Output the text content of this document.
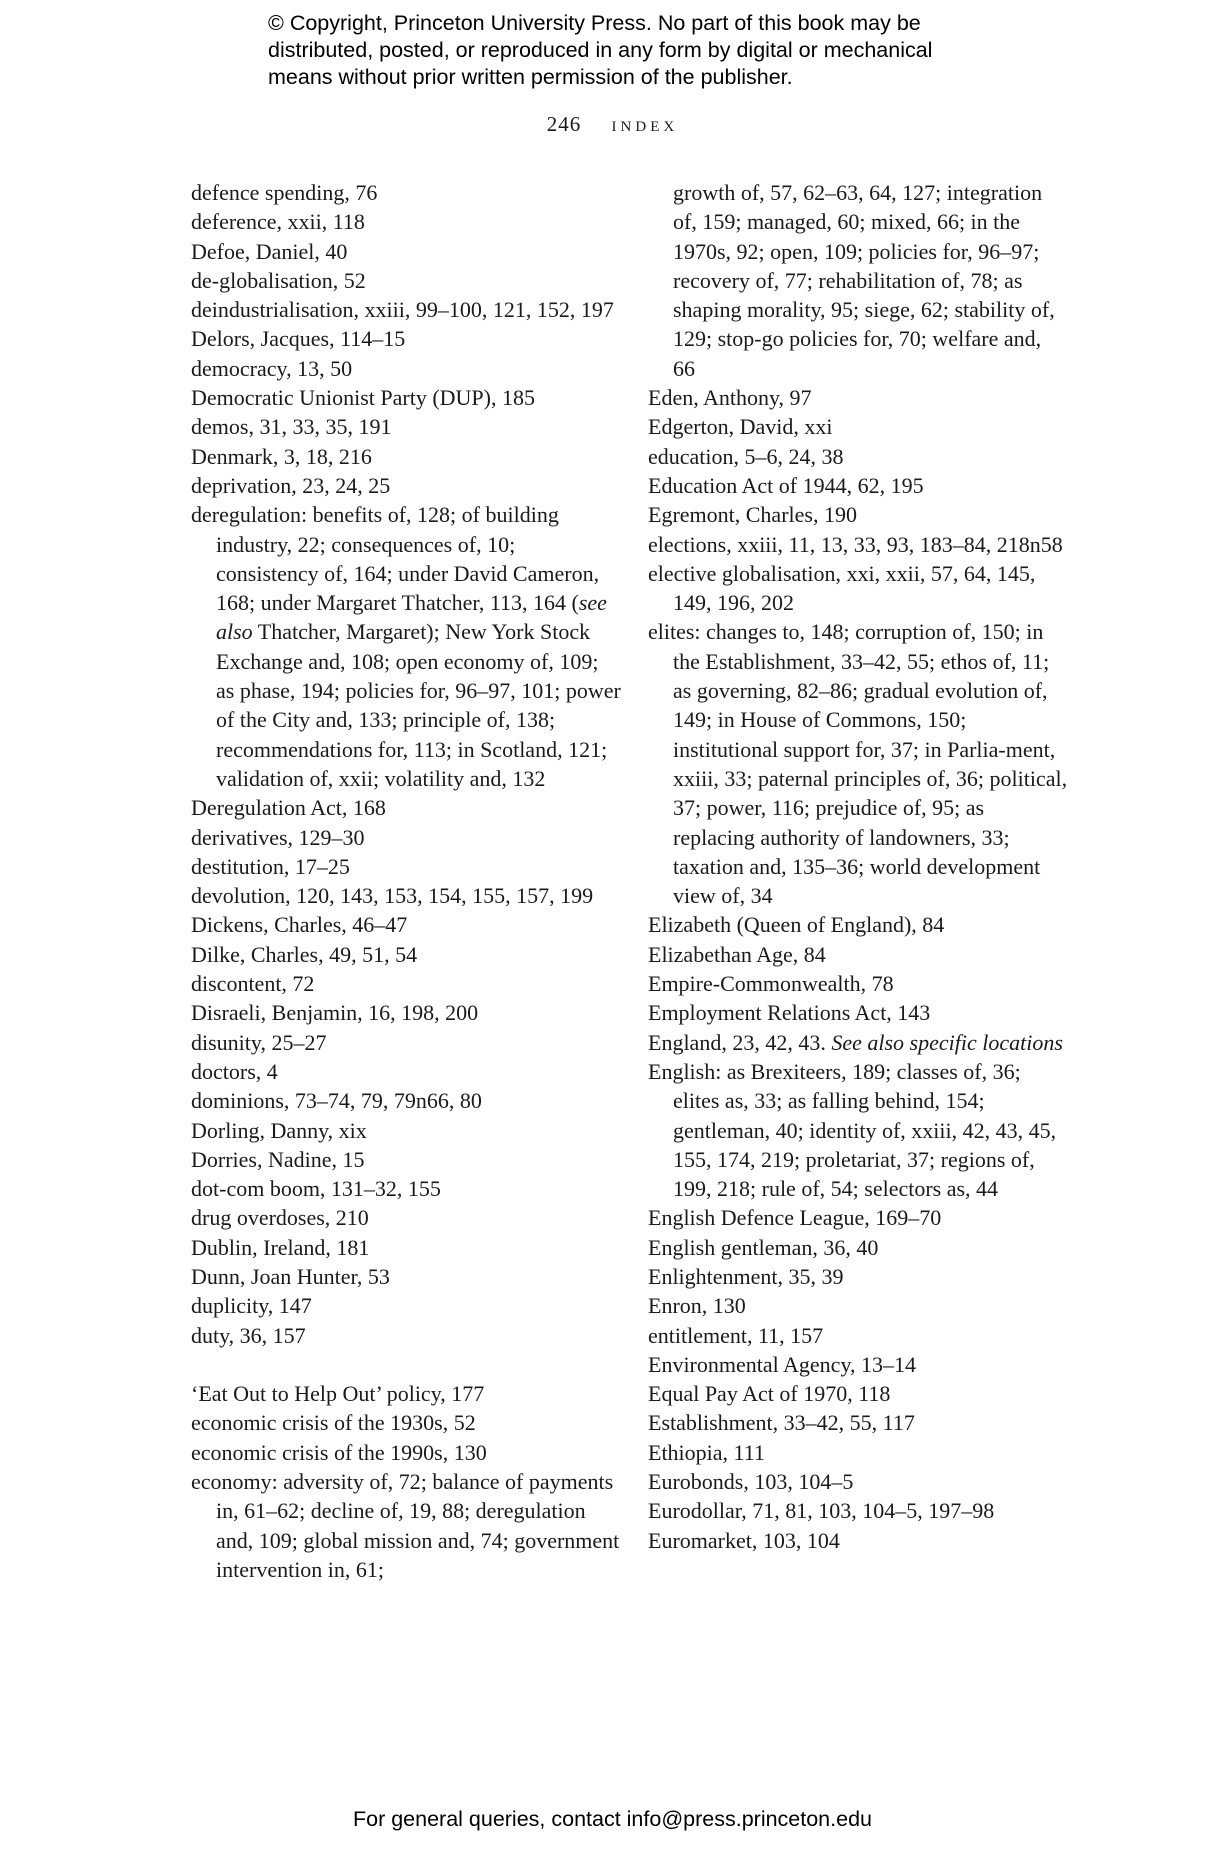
© Copyright, Princeton University Press. No part of this book may be
distributed, posted, or reproduced in any form by digital or mechanical
means without prior written permission of the publisher.
246 index

defence spending, 76

deference, xxii, 118

Defoe, Daniel, 40

de-globalisation, 52

deindustrialisation, xxiii, 99–100, 121, 152, 197

Delors, Jacques, 114–15

democracy, 13, 50

Democratic Unionist Party (DUP), 185

demos, 31, 33, 35, 191

Denmark, 3, 18, 216

deprivation, 23, 24, 25

deregulation: benefits of, 128; of building industry, 22; consequences of, 10; consistency of, 164; under David Cameron, 168; under Margaret Thatcher, 113, 164 (see also Thatcher, Margaret); New York Stock Exchange and, 108; open economy of, 109; as phase, 194; policies for, 96–97, 101; power of the City and, 133; principle of, 138; recommendations for, 113; in Scotland, 121; validation of, xxii; volatility and, 132

Deregulation Act, 168

derivatives, 129–30

destitution, 17–25

devolution, 120, 143, 153, 154, 155, 157, 199

Dickens, Charles, 46–47

Dilke, Charles, 49, 51, 54

discontent, 72

Disraeli, Benjamin, 16, 198, 200

disunity, 25–27

doctors, 4

dominions, 73–74, 79, 79n66, 80

Dorling, Danny, xix

Dorries, Nadine, 15

dot-com boom, 131–32, 155

drug overdoses, 210

Dublin, Ireland, 181

Dunn, Joan Hunter, 53

duplicity, 147

duty, 36, 157

‘Eat Out to Help Out’ policy, 177

economic crisis of the 1930s, 52

economic crisis of the 1990s, 130

economy: adversity of, 72; balance of payments in, 61–62; decline of, 19, 88; deregulation and, 109; global mission and, 74; government intervention in, 61;

growth of, 57, 62–63, 64, 127; integration of, 159; managed, 60; mixed, 66; in the 1970s, 92; open, 109; policies for, 96–97; recovery of, 77; rehabilitation of, 78; as shaping morality, 95; siege, 62; stability of, 129; stop-go policies for, 70; welfare and, 66

Eden, Anthony, 97

Edgerton, David, xxi

education, 5–6, 24, 38

Education Act of 1944, 62, 195

Egremont, Charles, 190

elections, xxiii, 11, 13, 33, 93, 183–84, 218n58

elective globalisation, xxi, xxii, 57, 64, 145, 149, 196, 202

elites: changes to, 148; corruption of, 150; in the Establishment, 33–42, 55; ethos of, 11; as governing, 82–86; gradual evolution of, 149; in House of Commons, 150; institutional support for, 37; in Parlia-ment, xxiii, 33; paternal principles of, 36; political, 37; power, 116; prejudice of, 95; as replacing authority of landowners, 33; taxation and, 135–36; world development view of, 34

Elizabeth (Queen of England), 84

Elizabethan Age, 84

Empire-Commonwealth, 78

Employment Relations Act, 143

England, 23, 42, 43. See also specific locations

English: as Brexiteers, 189; classes of, 36; elites as, 33; as falling behind, 154; gentleman, 40; identity of, xxiii, 42, 43, 45, 155, 174, 219; proletariat, 37; regions of, 199, 218; rule of, 54; selectors as, 44

English Defence League, 169–70

English gentleman, 36, 40

Enlightenment, 35, 39

Enron, 130

entitlement, 11, 157

Environmental Agency, 13–14

Equal Pay Act of 1970, 118

Establishment, 33–42, 55, 117

Ethiopia, 111

Eurobonds, 103, 104–5

Eurodollar, 71, 81, 103, 104–5, 197–98

Euromarket, 103, 104

For general queries, contact info@press.princeton.edu
